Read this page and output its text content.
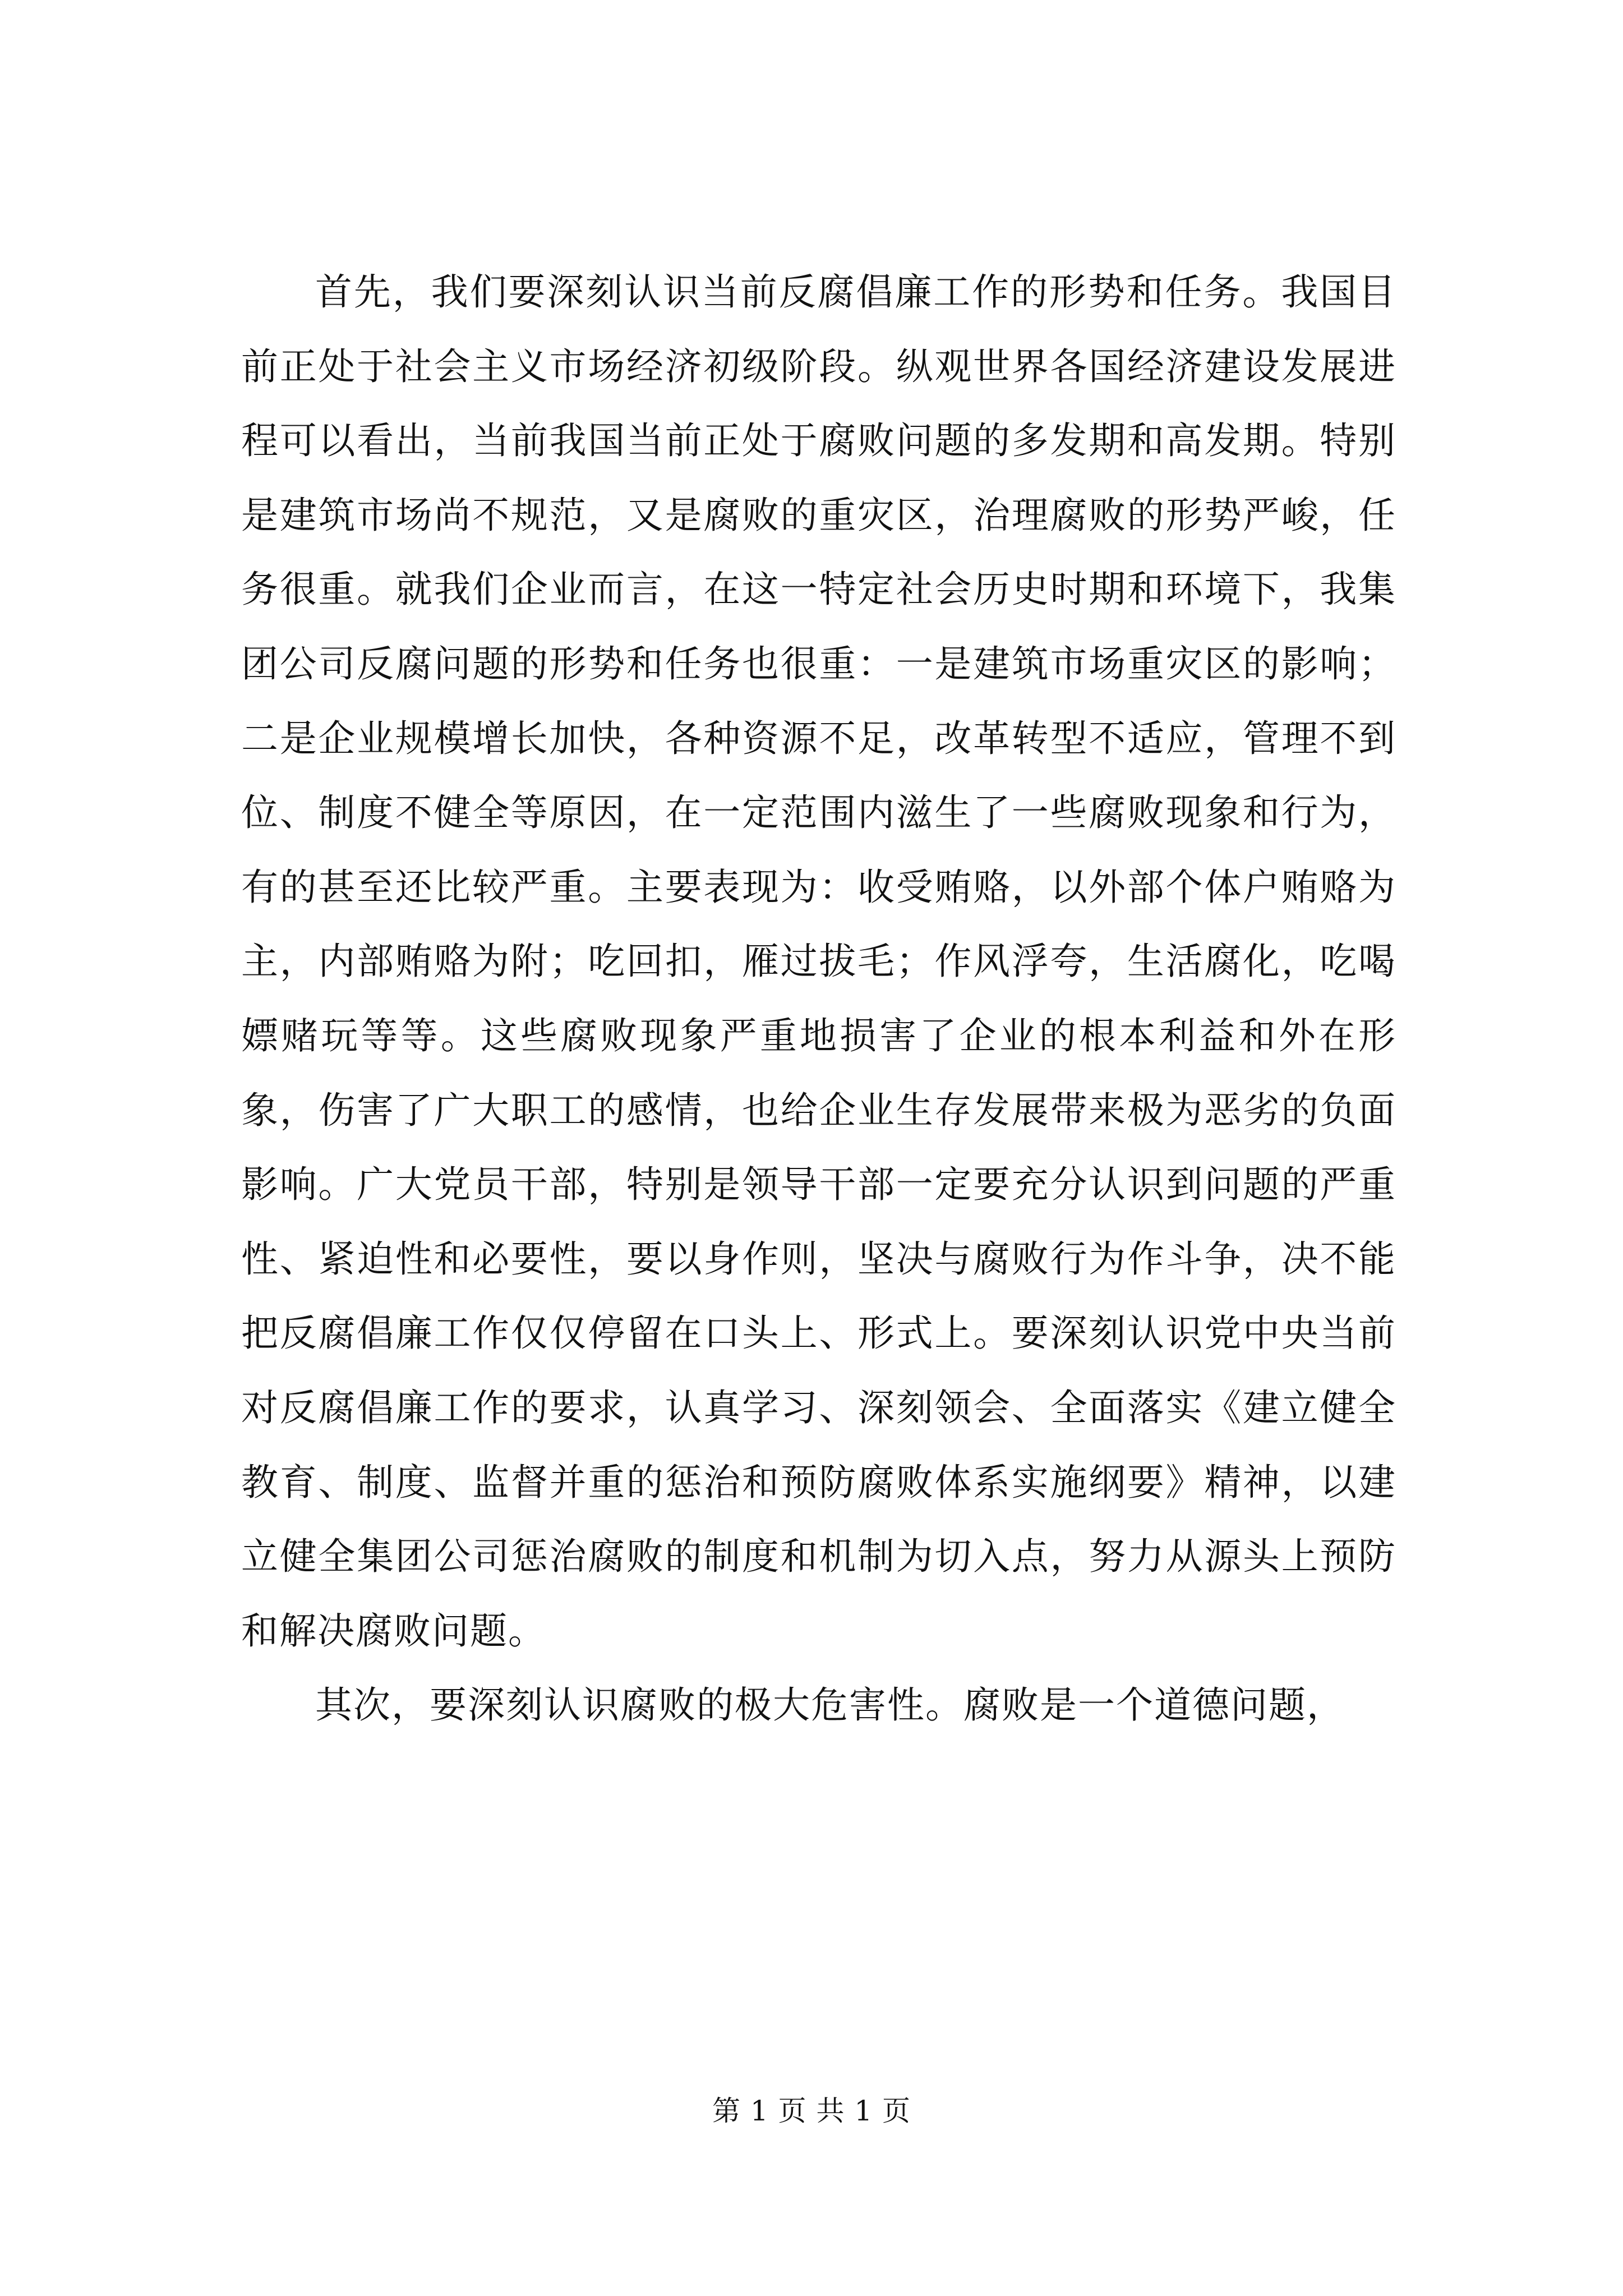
首先，我们要深刻认识当前反腐倡廉工作的形势和任务。我国目前正处于社会主义市场经济初级阶段。纵观世界各国经济建设发展进程可以看出，当前我国当前正处于腐败问题的多发期和高发期。特别是建筑市场尚不规范，又是腐败的重灾区，治理腐败的形势严峻，任务很重。就我们企业而言，在这一特定社会历史时期和环境下，我集团公司反腐问题的形势和任务也很重：一是建筑市场重灾区的影响；二是企业规模增长加快，各种资源不足，改革转型不适应，管理不到位、制度不健全等原因，在一定范围内滋生了一些腐败现象和行为，有的甚至还比较严重。主要表现为：收受贿赂，以外部个体户贿赂为主，内部贿赂为附；吃回扣，雁过拔毛；作风浮夸，生活腐化，吃喝嫖赌玩等等。这些腐败现象严重地损害了企业的根本利益和外在形象，伤害了广大职工的感情，也给企业生存发展带来极为恶劣的负面影响。广大党员干部，特别是领导干部一定要充分认识到问题的严重性、紧迫性和必要性，要以身作则，坚决与腐败行为作斗争，决不能把反腐倡廉工作仅仅停留在口头上、形式上。要深刻认识党中央当前对反腐倡廉工作的要求，认真学习、深刻领会、全面落实《建立健全教育、制度、监督并重的惩治和预防腐败体系实施纲要》精神，以建立健全集团公司惩治腐败的制度和机制为切入点，努力从源头上预防和解决腐败问题。

其次，要深刻认识腐败的极大危害性。腐败是一个道德问题，

第 1 页 共 1 页
